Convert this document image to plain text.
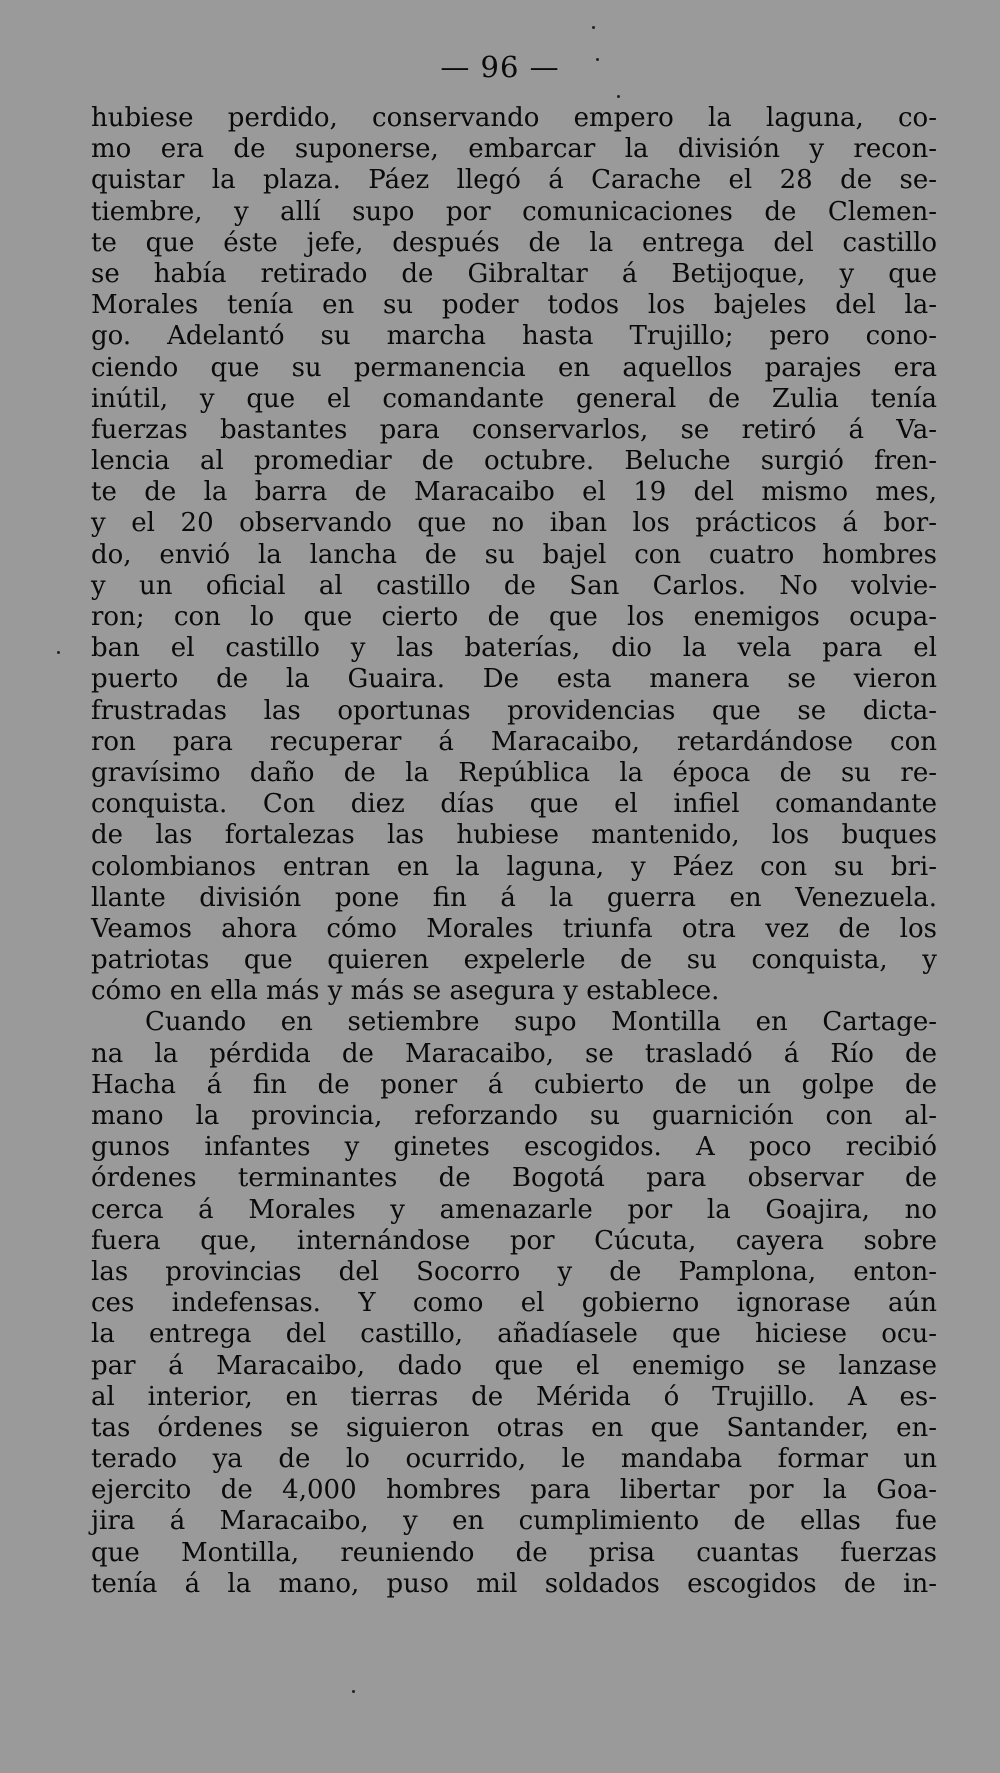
— 96 —
hubiese perdido, conservando empero la laguna, co-
mo era de suponerse, embarcar la división y recon-
quistar la plaza. Páez llegó á Carache el 28 de se-
tiembre, y allí supo por comunicaciones de Clemen-
te que éste jefe, después de la entrega del castillo
se había retirado de Gibraltar á Betijoque, y que
Morales tenía en su poder todos los bajeles del la-
go. Adelantó su marcha hasta Trujillo; pero cono-
ciendo que su permanencia en aquellos parajes era
inútil, y que el comandante general de Zulia tenía
fuerzas bastantes para conservarlos, se retiró á Va-
lencia al promediar de octubre. Beluche surgió fren-
te de la barra de Maracaibo el 19 del mismo mes,
y el 20 observando que no iban los prácticos á bor-
do, envió la lancha de su bajel con cuatro hombres
y un oficial al castillo de San Carlos. No volvie-
ron; con lo que cierto de que los enemigos ocupa-
ban el castillo y las baterías, dio la vela para el
puerto de la Guaira. De esta manera se vieron
frustradas las oportunas providencias que se dicta-
ron para recuperar á Maracaibo, retardándose con
gravísimo daño de la República la época de su re-
conquista. Con diez días que el infiel comandante
de las fortalezas las hubiese mantenido, los buques
colombianos entran en la laguna, y Páez con su bri-
llante división pone fin á la guerra en Venezuela.
Veamos ahora cómo Morales triunfa otra vez de los
patriotas que quieren expelerle de su conquista, y
cómo en ella más y más se asegura y establece.
Cuando en setiembre supo Montilla en Cartage-
na la pérdida de Maracaibo, se trasladó á Río de
Hacha á fin de poner á cubierto de un golpe de
mano la provincia, reforzando su guarnición con al-
gunos infantes y ginetes escogidos. A poco recibió
órdenes terminantes de Bogotá para observar de
cerca á Morales y amenazarle por la Goajira, no
fuera que, internándose por Cúcuta, cayera sobre
las provincias del Socorro y de Pamplona, enton-
ces indefensas. Y como el gobierno ignorase aún
la entrega del castillo, añadíasele que hiciese ocu-
par á Maracaibo, dado que el enemigo se lanzase
al interior, en tierras de Mérida ó Trujillo. A es-
tas órdenes se siguieron otras en que Santander, en-
terado ya de lo ocurrido, le mandaba formar un
ejercito de 4,000 hombres para libertar por la Goa-
jira á Maracaibo, y en cumplimiento de ellas fue
que Montilla, reuniendo de prisa cuantas fuerzas
tenía á la mano, puso mil soldados escogidos de in-
